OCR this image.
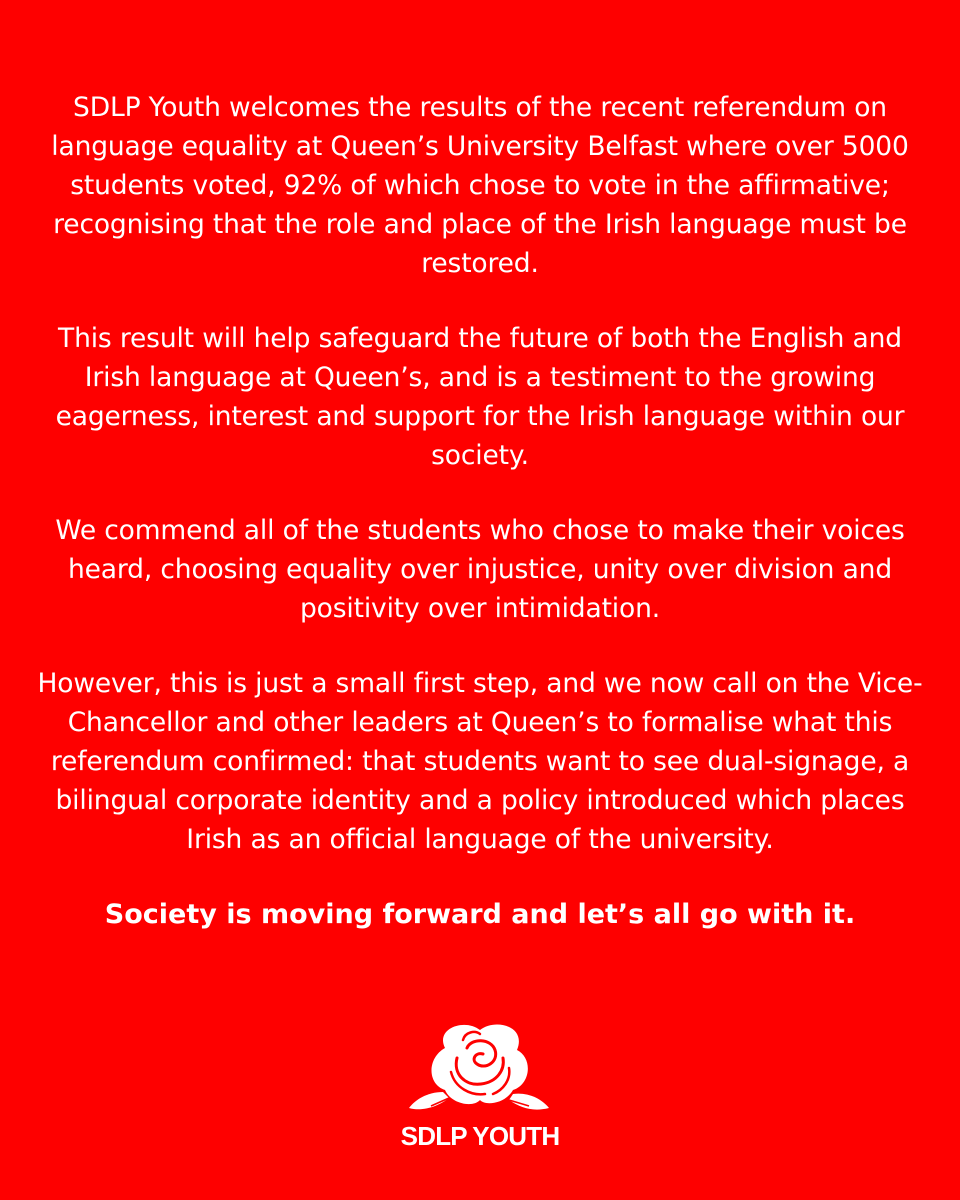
SDLP Youth welcomes the results of the recent referendum on language equality at Queen’s University Belfast where over 5000 students voted, 92% of which chose to vote in the affirmative; recognising that the role and place of the Irish language must be restored.

This result will help safeguard the future of both the English and Irish language at Queen’s, and is a testiment to the growing eagerness, interest and support for the Irish language within our society.

We commend all of the students who chose to make their voices heard, choosing equality over injustice, unity over division and positivity over intimidation.

However, this is just a small first step, and we now call on the Vice-Chancellor and other leaders at Queen’s to formalise what this referendum confirmed: that students want to see dual-signage, a bilingual corporate identity and a policy introduced which places Irish as an official language of the university.

Society is moving forward and let’s all go with it.

SDLP YOUTH
